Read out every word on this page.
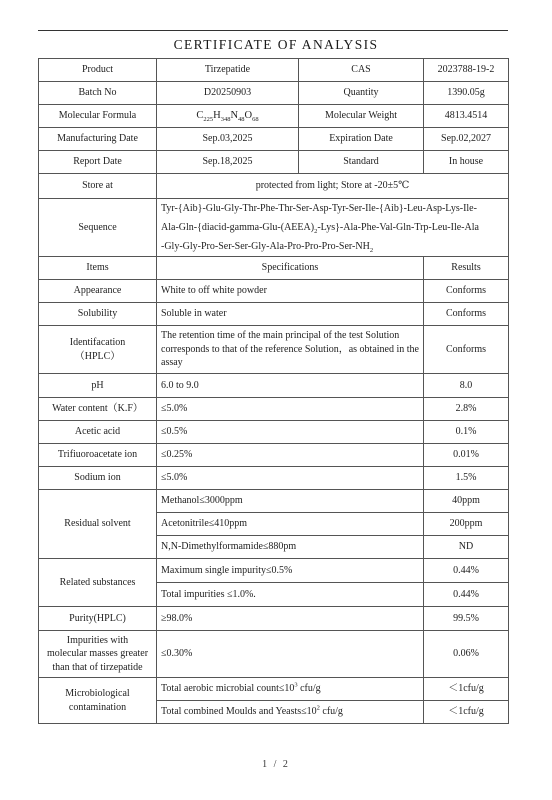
CERTIFICATE OF ANALYSIS
Product	Tirzepatide	CAS	2023788-19-2
Batch No	D20250903	Quantity	1390.05g
Molecular Formula	$C_{225}H_{348}N_{48}O_{68}$	Molecular Weight	4813.4514
Manufacturing Date	Sep.03,2025	Expiration Date	Sep.02,2027
Report Date	Sep.18,2025	Standard	In house
Store at	protected from light; Store at -20±5℃		
Sequence	Tyr-{Aib}-Glu-Gly-Thr-Phe-Thr-Ser-Asp-Tyr-Ser-Ile-{Aib}-Leu-Asp-Lys-Ile-
Ala-$Gln-\{diacid-gamma-Glu-(AEEA)_2-Lys\}-Ala-Phe-Val-Gln-Trp-Leu-Ile$-Ala
$-Gly-Gly-Pro-Ser-Ser-Gly-Ala-Pro-Pro-Pro-Ser-NH_2$

Items	Specifications		Results
Appearance	White to off white powder		Conforms
Solubility	Soluble in water		Conforms

Identifacation
（HPLC）	The retention time of the main principal of the test Solution corresponds to that of the reference Solution，as obtained in the assay		Conforms
pH	6.0 to 9.0		8.0
Water content（K.F）	≤5.0%		2.8%
Acetic acid	≤0.5%		0.1%
Trifiuoroacetate ion	≤0.25%		0.01%
Sodium ion	≤5.0%		1.5%
Residual solvent	Methanol≤3000ppm		40ppm
	Acetonitrile≤410ppm		200ppm
	N,N-Dimethylformamide≤880pm		ND
Related substances	Maximum single impurity≤0.5%		0.44%
	Total impurities ≤1.0%.		0.44%
Purity(HPLC)	≥98.0%		99.5%

Impurities with
molecular masses greater
than that of tirzepatide	≤0.30%		0.06%

Microbiological
contamination	Total aerobic microbial $count\le 10^3$ cfu/g		＜1cfu/g
	Total combined Moulds and $Yeasts\le 10^2$ cfu/g		＜1cfu/g
1 / 2
